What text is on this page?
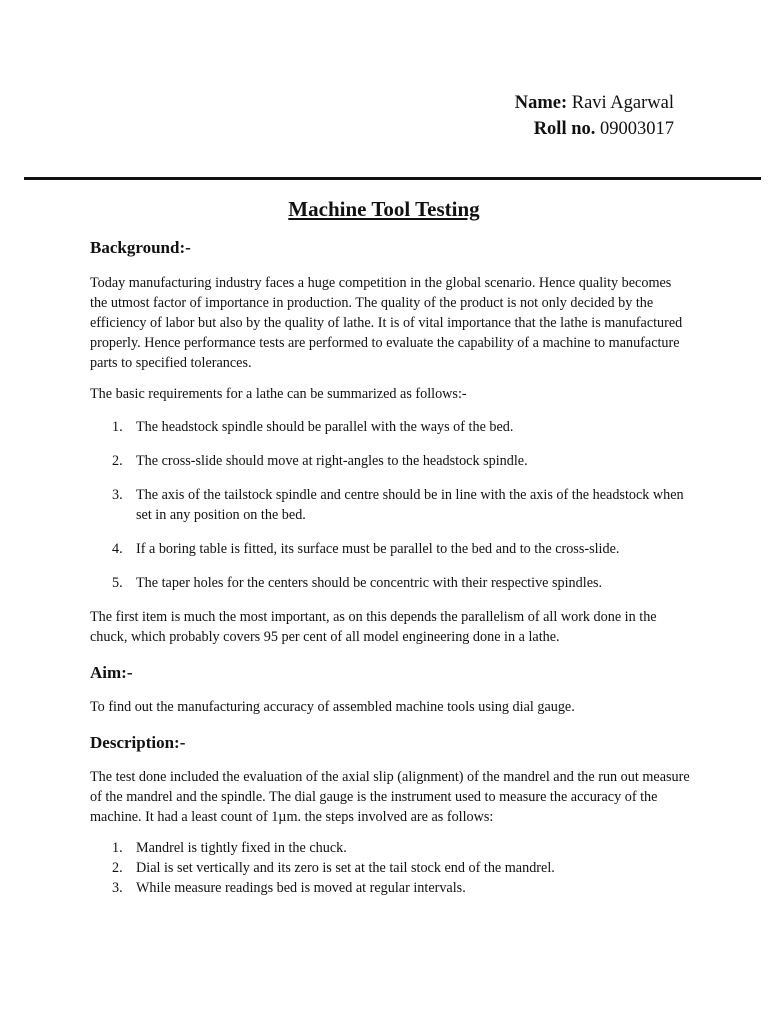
Name: Ravi Agarwal
Roll no. 09003017
Machine Tool Testing
Background:-

Today manufacturing industry faces a huge competition in the global scenario. Hence quality becomes the utmost factor of importance in production. The quality of the product is not only decided by the efficiency of labor but also by the quality of lathe. It is of vital importance that the lathe is manufactured properly. Hence performance tests are performed to evaluate the capability of a machine to manufacture parts to specified tolerances.

The basic requirements for a lathe can be summarized as follows:-

1. The headstock spindle should be parallel with the ways of the bed.
2. The cross-slide should move at right-angles to the headstock spindle.
3. The axis of the tailstock spindle and centre should be in line with the axis of the headstock when set in any position on the bed.
4. If a boring table is fitted, its surface must be parallel to the bed and to the cross-slide.
5. The taper holes for the centers should be concentric with their respective spindles.

The first item is much the most important, as on this depends the parallelism of all work done in the chuck, which probably covers 95 per cent of all model engineering done in a lathe.

Aim:-

To find out the manufacturing accuracy of assembled machine tools using dial gauge.

Description:-

The test done included the evaluation of the axial slip (alignment) of the mandrel and the run out measure of the mandrel and the spindle. The dial gauge is the instrument used to measure the accuracy of the machine. It had a least count of 1µm. the steps involved are as follows:

1. Mandrel is tightly fixed in the chuck.
2. Dial is set vertically and its zero is set at the tail stock end of the mandrel.
3. While measure readings bed is moved at regular intervals.
